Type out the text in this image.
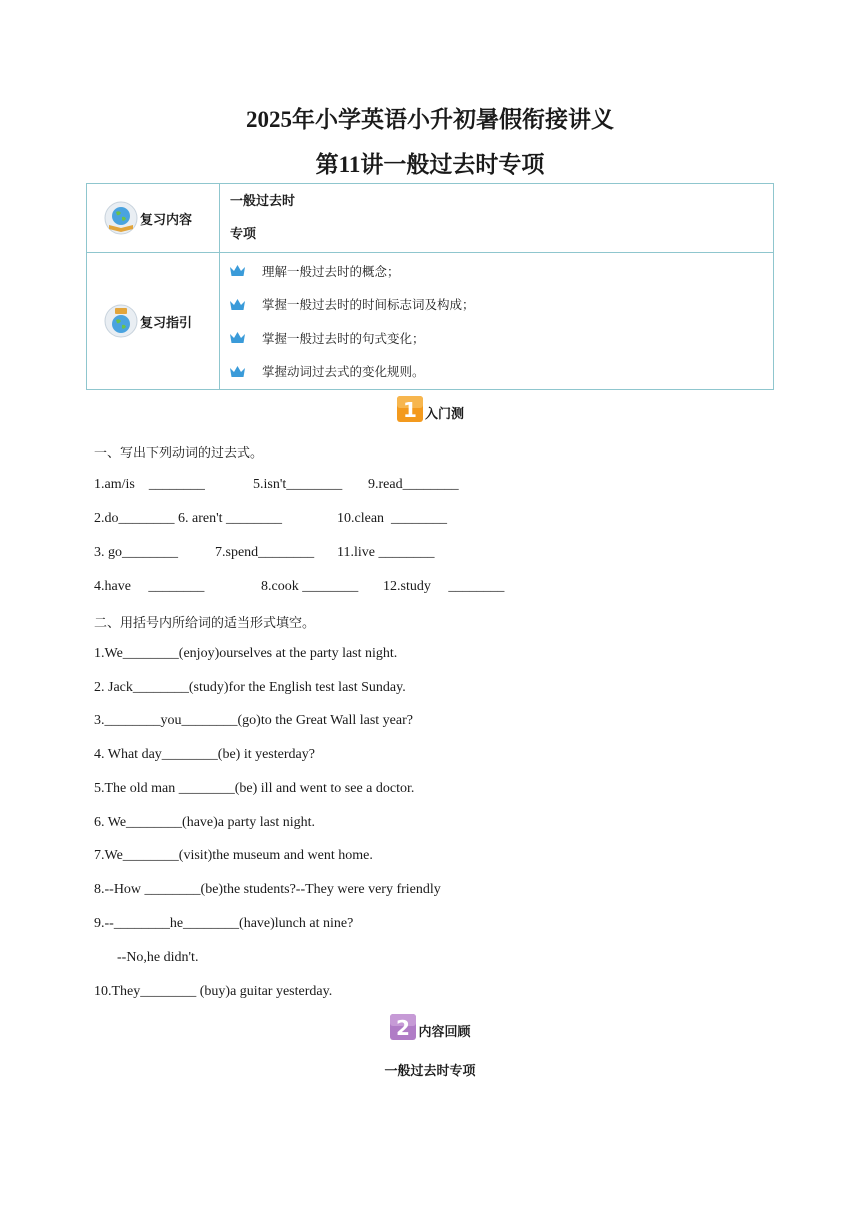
2025年小学英语小升初暑假衔接讲义
第11讲一般过去时专项
复习内容	一般过去时
专项

复习指引	理解一般过去时的概念；
掌握一般过去时的时间标志词及构成；
掌握一般过去时的句式变化；
掌握动词过去式的变化规则。
1 入门测
一、写出下列动词的过去式。
1.am/is    ________	5.isn't________ 9.read________
2.do________ 6. aren't ________	10.clean  ________
3. go________	7.spend________ 11.live ________
4.have     ________	8.cook ________ 12.study     ________
二、用括号内所给词的适当形式填空。
1.We________(enjoy)ourselves at the party last night.
2. Jack________(study)for the English test last Sunday.
3.________you________(go)to the Great Wall last year?
4. What day________(be) it yesterday?
5.The old man ________(be) ill and went to see a doctor.
6. We________(have)a party last night.
7.We________(visit)the museum and went home.
8.--How ________(be)the students?--They were very friendly
9.--________he________(have)lunch at nine?
--No,he didn't.
10.They________ (buy)a guitar yesterday.
2 内容回顾
一般过去时专项
